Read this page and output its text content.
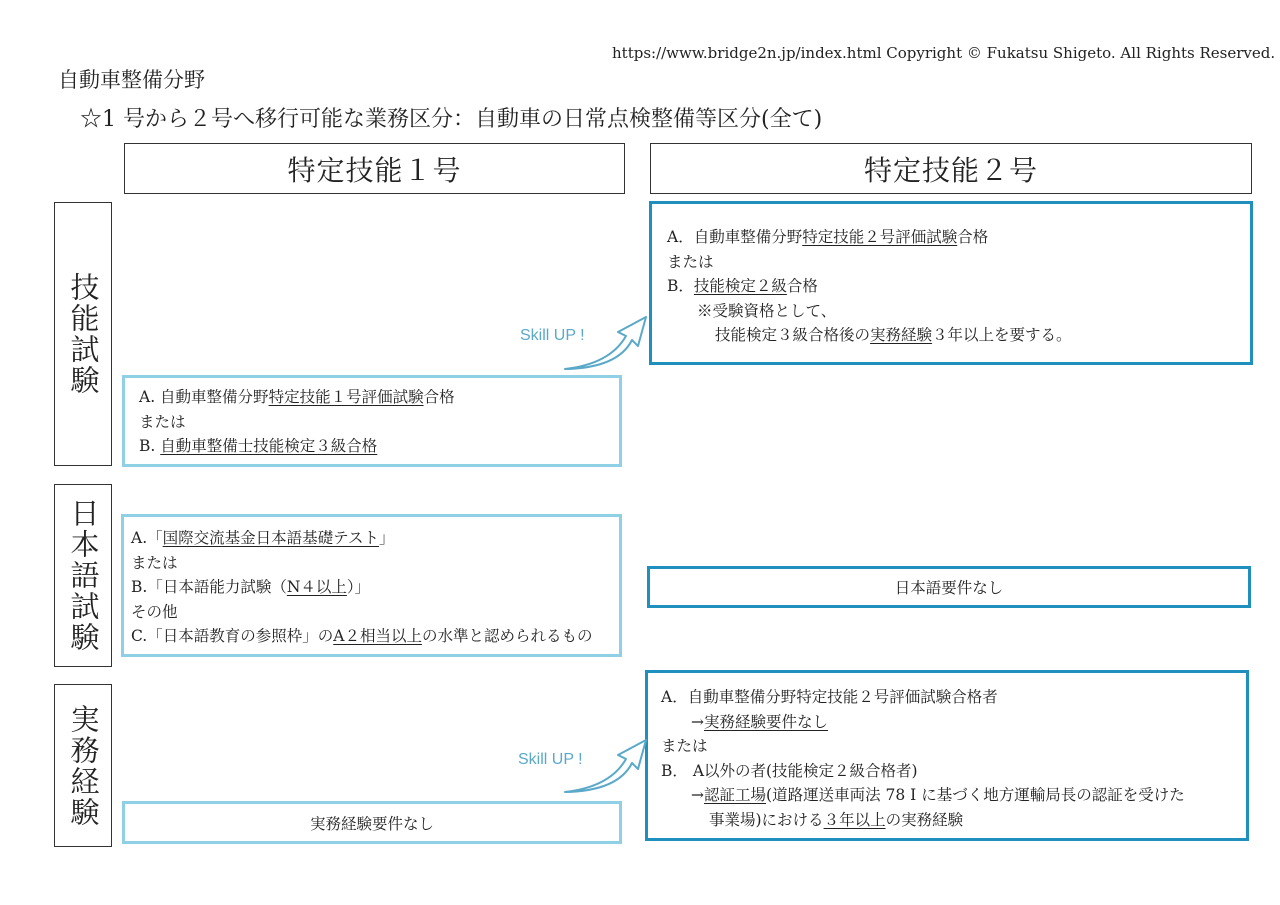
https://www.bridge2n.jp/index.html Copyright © Fukatsu Shigeto. All Rights Reserved.
自動車整備分野
☆1 号から２号へ移行可能な業務区分：自動車の日常点検整備等区分(全て)
特定技能１号	特定技能２号
技能試験
日本語試験
実務経験
A. 自動車整備分野特定技能１号評価試験合格
または
B. 自動車整備士技能検定３級合格
A．自動車整備分野特定技能２号評価試験合格
または
B．技能検定２級合格
※受験資格として、
技能検定３級合格後の実務経験３年以上を要する。
A.「国際交流基金日本語基礎テスト」
または
B.「日本語能力試験（N４以上）」
その他
C.「日本語教育の参照枠」のA２相当以上の水準と認められるもの
日本語要件なし
実務経験要件なし
A．自動車整備分野特定技能２号評価試験合格者
→実務経験要件なし
または
B． A以外の者(技能検定２級合格者)
→認証工場(道路運送車両法 78 I に基づく地方運輸局長の認証を受けた
事業場)における３年以上の実務経験
Skill UP !
Skill UP !
